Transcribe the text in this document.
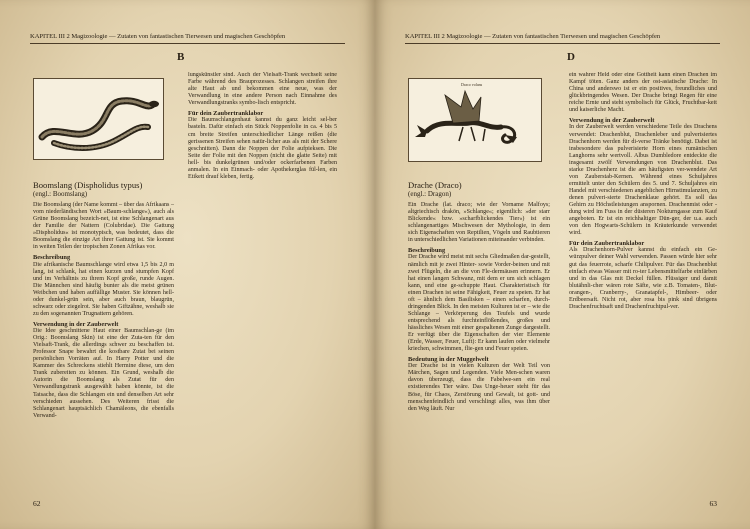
KAPITEL III 2 Magizoologie — Zutaten von fantastischen Tierwesen und magischen Geschöpfen
B
Boomslang (Dispholidus typus)
(engl.: Boomslang)

Die Boomslang (der Name kommt – über das Afrikaans – vom niederländischen Wort »Baum-schlange«), auch als Grüne Boomslang bezeich-net, ist eine Schlangenart aus der Familie der Nattern (Colubridae). Die Gattung »Dispholidus« ist monotypisch, was bedeutet, dass die Boomslang die einzige Art ihrer Gattung ist. Sie kommt in weiten Teilen der tropischen Zonen Afrikas vor.

Beschreibung

Die afrikanische Baumschlange wird etwa 1,5 bis 2,0 m lang, ist schlank, hat einen kurzen und stumpfen Kopf und im Verhältnis zu ihrem Kopf große, runde Augen. Die Männchen sind häufig bunter als die meist grünen Weibchen und haben auffällige Muster. Sie können hell- oder dunkel-grün sein, aber auch braun, blaugrün, schwarz oder ziegelrot. Sie haben Giftzähne, weshalb sie zu den sogenannten Trugnattern gehören.

Verwendung in der Zauberwelt

Die Idee geschnittene Haut einer Baumschlan-ge (im Orig.: Boomslang Skin) ist eine der Zuta-ten für den Vielsaft-Trank, die allerdings schwer zu beschaffen ist. Professor Snape bewahrt die kostbare Zutat bei seinen persönlichen Vorräten auf. In Harry Potter und die Kammer des Schreckens stiehlt Hermine diese, um den Trank zubereiten zu können. Ein Grund, weshalb die Autorin die Boomslang als Zutat für den Verwandlungstrank ausgewählt haben könnte, ist die Tatsache, dass die Schlangen ein und denselben Art sehr verschieden aussehen. Des Weiteren frisst die Schlangenart hauptsächlich Chamäleons, die ebenfalls Verwand-

lungskünstler sind. Auch der Vielsaft-Trank wechselt seine Farbe während des Brauprozesses. Schlangen streifen ihre alte Haut ab und bekommen eine neue, was der Verwandlung in eine andere Person nach Einnahme des Verwandlungstranks symbo-lisch entspricht.

Für dein Zaubertranklabor

Die Baumschlangenhaut kannst du ganz leicht sel-ber basteln. Dafür einfach ein Stück Noppenfolie in ca. 4 bis 5 cm breite Streifen unterschiedlicher Länge reißen (die gerissenen Streifen sehen natür-licher aus als mit der Schere geschnitten). Dann die Noppen der Folie aufpieksen. Die Seite der Folie mit den Noppen (nicht die glatte Seite) mit hell- bis dunkelgrünen und/oder ockerfarbenen Farben anmalen. In ein Einmach- oder Apothekerglas fül-len, ein Etikett drauf kleben, fertig.

62
KAPITEL III 2 Magizoologie — Zutaten von fantastischen Tierwesen und magischen Geschöpfen
D
Draco volans
Drache (Draco)
(engl.: Dragon)

Ein Drache (lat. draco; wie der Vorname Malfoys; altgriechisch drakōn, »Schlange«; eigentlich: »der starr Blickende« bzw. »scharfblickendes Tier«) ist ein schlangenartiges Mischwesen der Mythologie, in dem sich Eigenschaften von Reptilien, Vögeln und Raubtieren in unterschiedlichen Variationen miteinander verbinden.

Beschreibung

Der Drache wird meist mit sechs Gliedmaßen dar-gestellt, nämlich mit je zwei Hinter- sowie Vorder-beinen und mit zwei Flügeln, die an die von Fle-dermäusen erinnern. Er hat einen langen Schwanz, mit dem er um sich schlagen kann, und eine ge-schuppte Haut. Charakteristisch für einen Drachen ist seine Fähigkeit, Feuer zu speien. Er hat oft – ähnlich dem Basilisken – einen scharfen, durch-dringenden Blick. In den meisten Kulturen ist er – wie die Schlange – Verkörperung des Teufels und wurde entsprechend als furchteinflößendes, großes und hässliches Wesen mit einer gespaltenen Zunge dargestellt. Er verfügt über die Eigenschaften der vier Elemente (Erde, Wasser, Feuer, Luft): Er kann laufen oder vielmehr kriechen, schwimmen, flie-gen und Feuer speien.

Bedeutung in der Muggelwelt

Der Drache ist in vielen Kulturen der Welt Teil von Märchen, Sagen und Legenden. Viele Men-schen waren davon überzeugt, dass die Fabelwe-sen ein real existierendes Tier wäre. Das Unge-heuer steht für das Böse, für Chaos, Zerstörung und Gewalt, ist gott- und menschenfeindlich und verschlingt alles, was ihm über den Weg läuft. Nur

ein wahrer Held oder eine Gottheit kann einen Drachen im Kampf töten. Ganz anders der ost-asiatische Drache: In China und anderswo ist er ein positives, freundliches und glückbringendes Wesen. Der Drache bringt Regen für eine reiche Ernte und steht symbolisch für Glück, Fruchtbar-keit und kaiserliche Macht.

Verwendung in der Zauberwelt

In der Zauberwelt werden verschiedene Teile des Drachens verwendet: Drachenblut, Drachenleber und pulverisiertes Drachenhorn werden für di-verse Tränke benötigt. Dabei ist insbesondere das pulverisierte Horn eines rumänischen Langhorns sehr wertvoll. Albus Dumbledore entdeckte die insgesamt zwölf Verwendungen von Drachenblut. Das starke Drachenherz ist die am häufigsten ver-wendete Art von Zauberstab-Kernen. Während eines Schuljahres ermittelt unter den Schülern des 5. und 7. Schuljahres ein Handel mit verschiedenen angeblichen Hirnstimulanzien, zu denen pulveri-sierte Drachenklaue gehört. Es soll das Gehirn zu Höchstleistungen anspornen. Drachenmist oder -dung wird im Fuss in der düsteren Nokturngasse zum Kauf angeboten. Er ist ein reichhaltiger Dün-ger, der u.a. auch von den Hogwarts-Schülern in Kräuterkunde verwendet wird.

Für dein Zaubertranklabor

Als Drachenhorn-Pulver kannst du einfach ein Ge-würzpulver deiner Wahl verwenden. Passen würde hier sehr gut das feuerrote, scharfe Chilipulver. Für das Drachenblut einfach etwas Wasser mit ro-ter Lebensmittelfarbe einfärben und in das Glas mit Deckel füllen. Flüssiger und damit blutähnli-cher wären rote Säfte, wie z.B. Tomaten-, Blut-orangen-, Cranberry-, Granatapfel-, Himbeer- oder Erdbeersaft. Nicht rot, aber rosa bis pink sind übrigens Drachenfruchtsaft und Drachenfruchtpul-ver.

63
